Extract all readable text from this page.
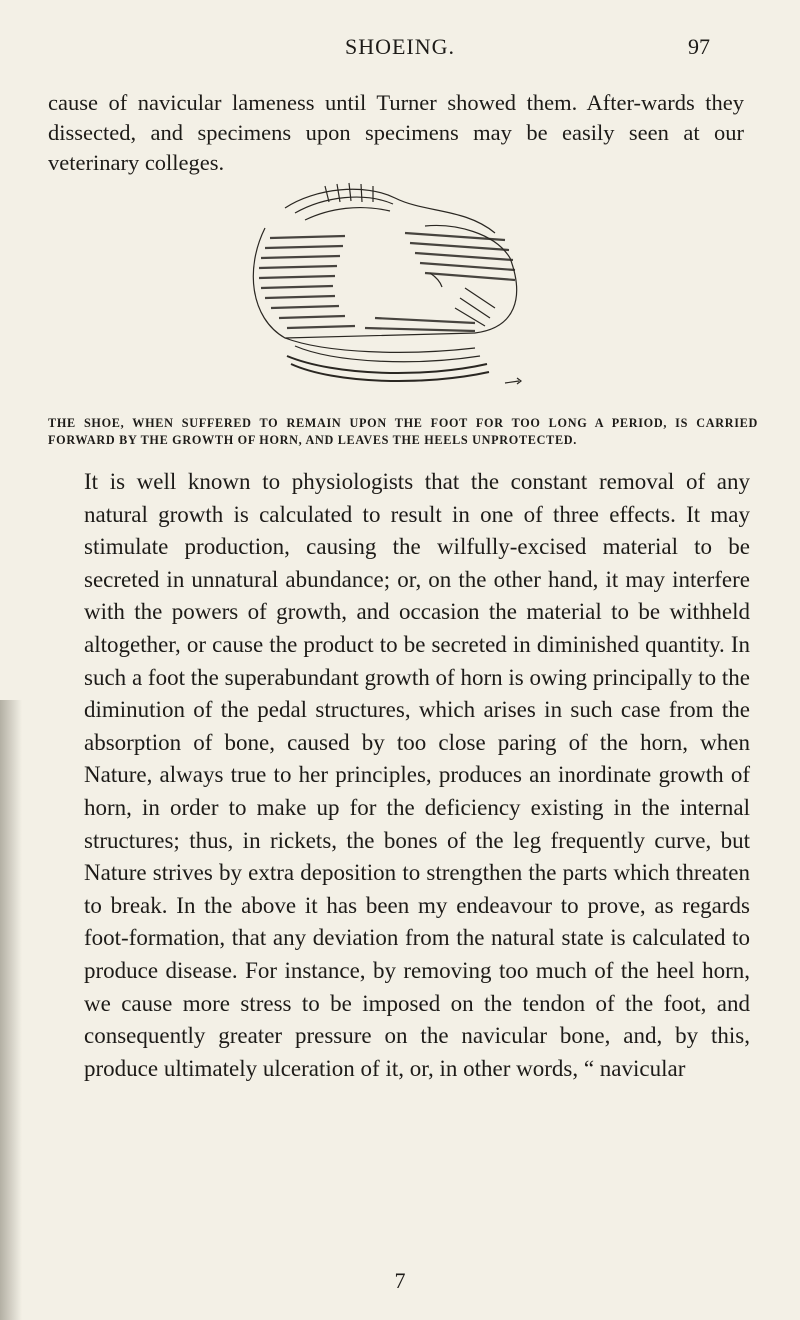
SHOEING.	97

cause of navicular lameness until Turner showed them. After-wards they dissected, and specimens upon specimens may be easily seen at our veterinary colleges.

THE SHOE, WHEN SUFFERED TO REMAIN UPON THE FOOT FOR TOO LONG A PERIOD, IS CARRIED FORWARD BY THE GROWTH OF HORN, AND LEAVES THE HEELS UNPROTECTED.

It is well known to physiologists that the constant removal of any natural growth is calculated to result in one of three effects. It may stimulate production, causing the wilfully-excised material to be secreted in unnatural abundance; or, on the other hand, it may interfere with the powers of growth, and occasion the material to be withheld altogether, or cause the product to be secreted in diminished quantity. In such a foot the superabundant growth of horn is owing principally to the diminution of the pedal structures, which arises in such case from the absorption of bone, caused by too close paring of the horn, when Nature, always true to her principles, produces an inordinate growth of horn, in order to make up for the deficiency existing in the internal structures; thus, in rickets, the bones of the leg frequently curve, but Nature strives by extra deposition to strengthen the parts which threaten to break. In the above it has been my endeavour to prove, as regards foot-formation, that any deviation from the natural state is calculated to produce disease. For instance, by removing too much of the heel horn, we cause more stress to be imposed on the tendon of the foot, and consequently greater pressure on the navicular bone, and, by this, produce ultimately ulceration of it, or, in other words, “ navicular

7
